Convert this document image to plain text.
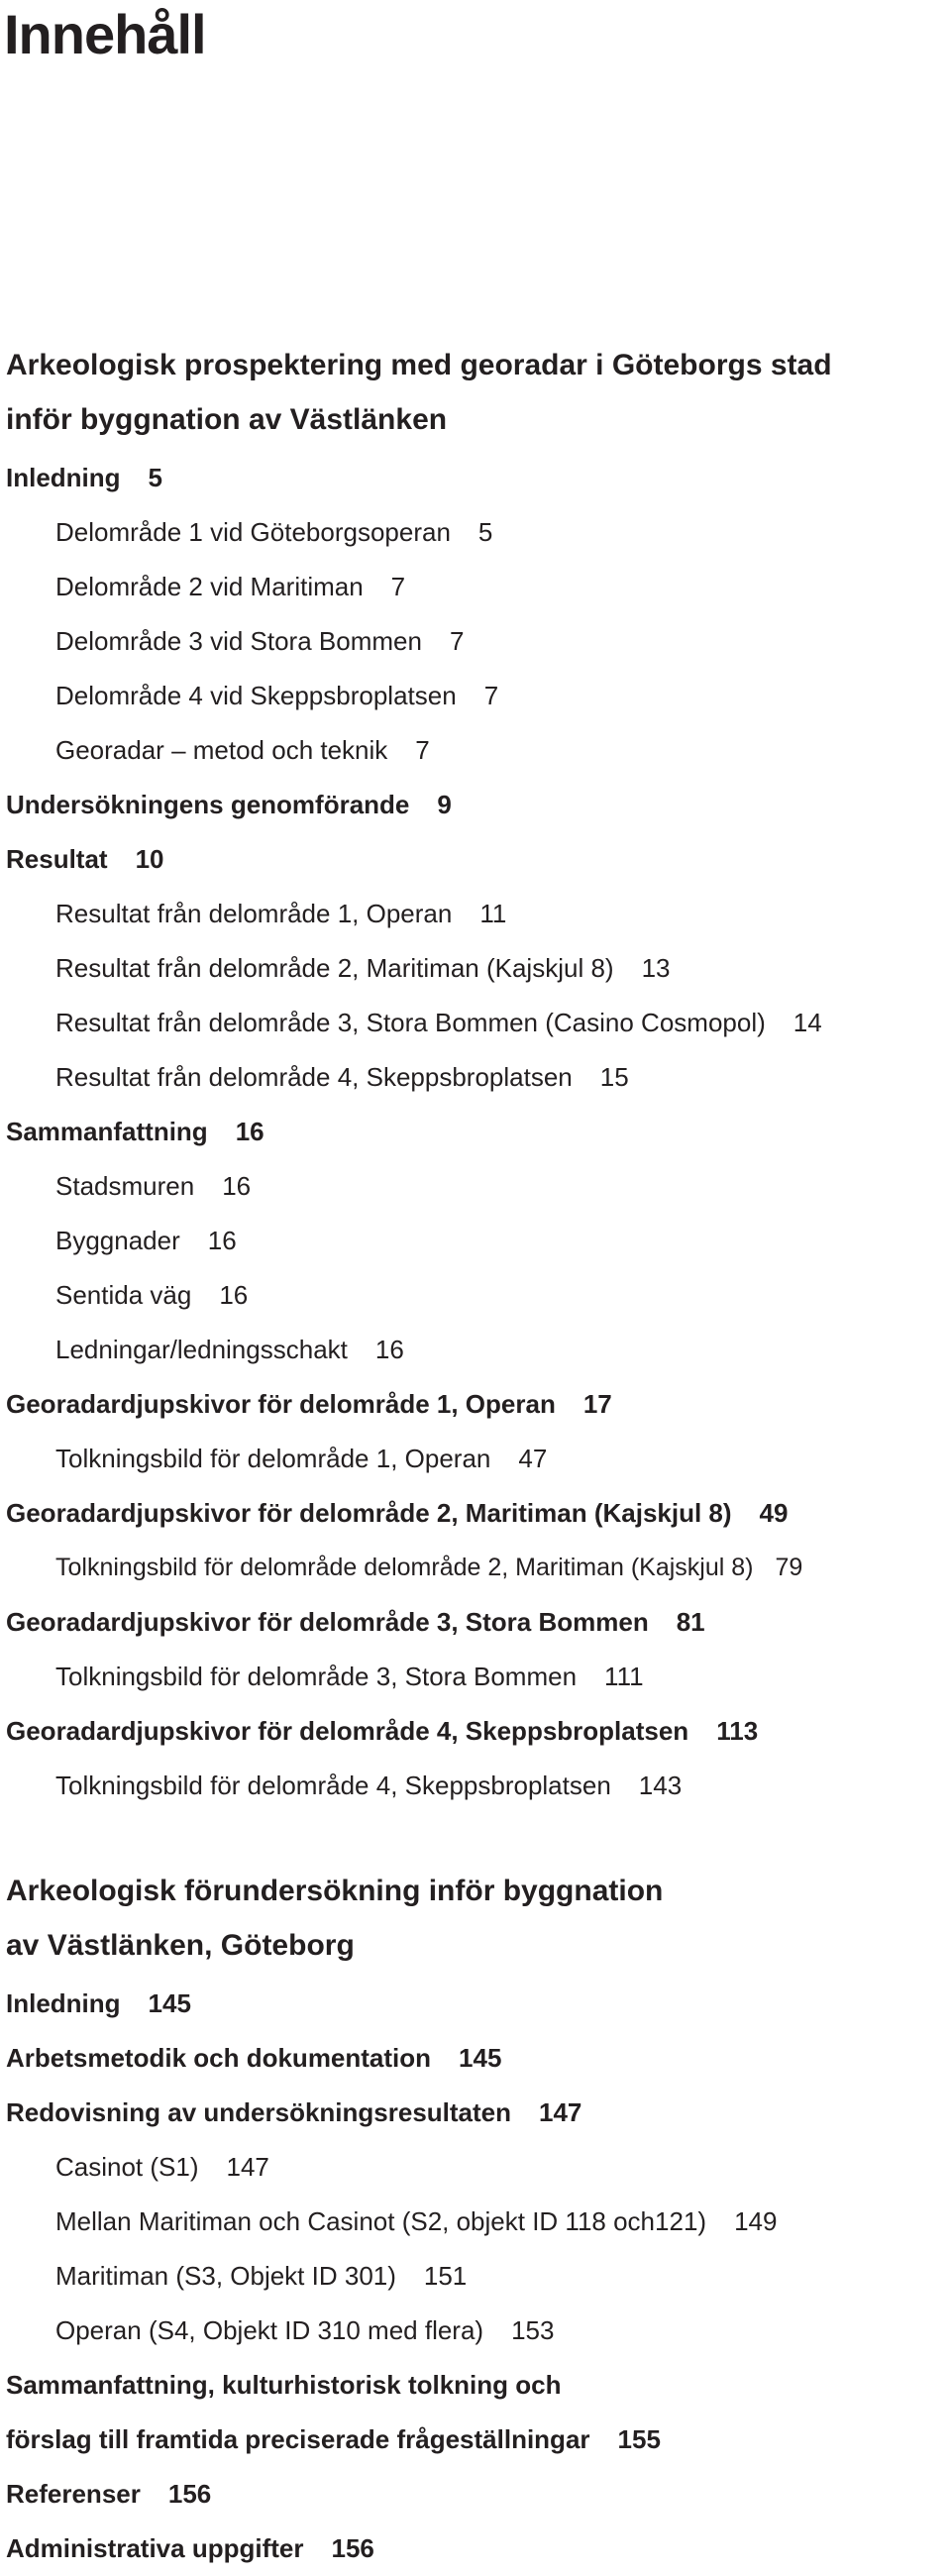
Innehåll
Arkeologisk prospektering med georadar i Göteborgs stad
inför byggnation av Västlänken
Inledning 5
Delområde 1 vid Göteborgsoperan 5
Delområde 2 vid Maritiman 7
Delområde 3 vid Stora Bommen 7
Delområde 4 vid Skeppsbroplatsen 7
Georadar – metod och teknik 7
Undersökningens genomförande 9
Resultat 10
Resultat från delområde 1, Operan 11
Resultat från delområde 2, Maritiman (Kajskjul 8) 13
Resultat från delområde 3, Stora Bommen (Casino Cosmopol) 14
Resultat från delområde 4, Skeppsbroplatsen 15
Sammanfattning 16
Stadsmuren 16
Byggnader 16
Sentida väg 16
Ledningar/ledningsschakt 16
Georadardjupskivor för delområde 1, Operan 17
Tolkningsbild för delområde 1, Operan 47
Georadardjupskivor för delområde 2, Maritiman (Kajskjul 8) 49
Tolkningsbild för delområde delområde 2, Maritiman (Kajskjul 8) 79
Georadardjupskivor för delområde 3, Stora Bommen 81
Tolkningsbild för delområde 3, Stora Bommen 111
Georadardjupskivor för delområde 4, Skeppsbroplatsen 113
Tolkningsbild för delområde 4, Skeppsbroplatsen 143
Arkeologisk förundersökning inför byggnation
av Västlänken, Göteborg
Inledning 145
Arbetsmetodik och dokumentation 145
Redovisning av undersökningsresultaten 147
Casinot (S1) 147
Mellan Maritiman och Casinot (S2, objekt ID 118 och121) 149
Maritiman (S3, Objekt ID 301) 151
Operan (S4, Objekt ID 310 med flera) 153
Sammanfattning, kulturhistorisk tolkning och
förslag till framtida preciserade frågeställningar 155
Referenser 156
Administrativa uppgifter 156
